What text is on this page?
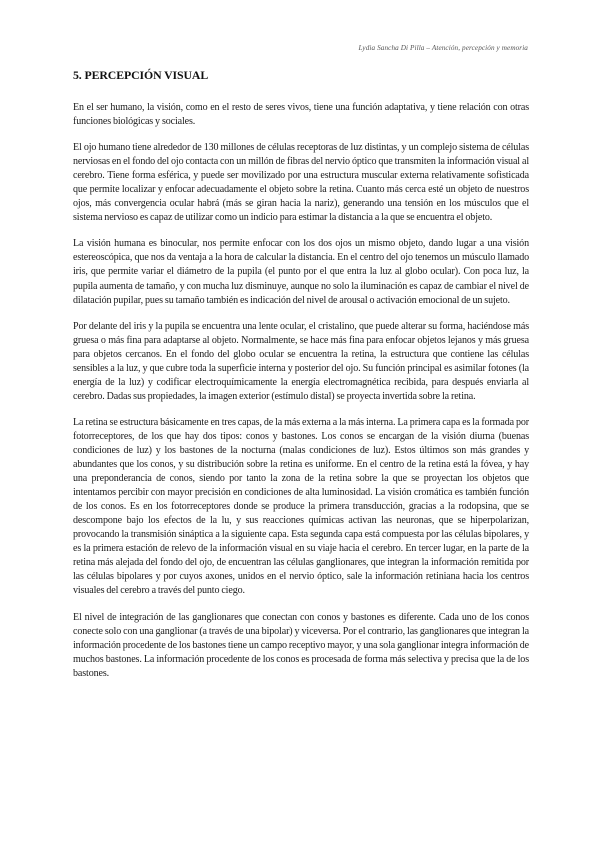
Lydia Sancha Di Pilla – Atención, percepción y memoria
5. PERCEPCIÓN VISUAL

En el ser humano, la visión, como en el resto de seres vivos, tiene una función adaptativa, y tiene relación con otras funciones biológicas y sociales.

El ojo humano tiene alrededor de 130 millones de células receptoras de luz distintas, y un complejo sistema de células nerviosas en el fondo del ojo contacta con un millón de fibras del nervio óptico que transmiten la información visual al cerebro. Tiene forma esférica, y puede ser movilizado por una estructura muscular externa relativamente sofisticada que permite localizar y enfocar adecuadamente el objeto sobre la retina. Cuanto más cerca esté un objeto de nuestros ojos, más convergencia ocular habrá (más se giran hacia la nariz), generando una tensión en los músculos que el sistema nervioso es capaz de utilizar como un indicio para estimar la distancia a la que se encuentra el objeto.

La visión humana es binocular, nos permite enfocar con los dos ojos un mismo objeto, dando lugar a una visión estereoscópica, que nos da ventaja a la hora de calcular la distancia. En el centro del ojo tenemos un músculo llamado iris, que permite variar el diámetro de la pupila (el punto por el que entra la luz al globo ocular). Con poca luz, la pupila aumenta de tamaño, y con mucha luz disminuye, aunque no solo la iluminación es capaz de cambiar el nivel de dilatación pupilar, pues su tamaño también es indicación del nivel de arousal o activación emocional de un sujeto.

Por delante del iris y la pupila se encuentra una lente ocular, el cristalino, que puede alterar su forma, haciéndose más gruesa o más fina para adaptarse al objeto. Normalmente, se hace más fina para enfocar objetos lejanos y más gruesa para objetos cercanos. En el fondo del globo ocular se encuentra la retina, la estructura que contiene las células sensibles a la luz, y que cubre toda la superficie interna y posterior del ojo. Su función principal es asimilar fotones (la energía de la luz) y codificar electroquímicamente la energía electromagnética recibida, para después enviarla al cerebro. Dadas sus propiedades, la imagen exterior (estímulo distal) se proyecta invertida sobre la retina.

La retina se estructura básicamente en tres capas, de la más externa a la más interna. La primera capa es la formada por fotorreceptores, de los que hay dos tipos: conos y bastones. Los conos se encargan de la visión diurna (buenas condiciones de luz) y los bastones de la nocturna (malas condiciones de luz). Estos últimos son más grandes y abundantes que los conos, y su distribución sobre la retina es uniforme. En el centro de la retina está la fóvea, y hay una preponderancia de conos, siendo por tanto la zona de la retina sobre la que se proyectan los objetos que intentamos percibir con mayor precisión en condiciones de alta luminosidad. La visión cromática es también función de los conos. Es en los fotorreceptores donde se produce la primera transducción, gracias a la rodopsina, que se descompone bajo los efectos de la lu, y sus reacciones químicas activan las neuronas, que se hiperpolarizan, provocando la transmisión sináptica a la siguiente capa. Esta segunda capa está compuesta por las células bipolares, y es la primera estación de relevo de la información visual en su viaje hacia el cerebro. En tercer lugar, en la parte de la retina más alejada del fondo del ojo, de encuentran las células ganglionares, que integran la información remitida por las células bipolares y por cuyos axones, unidos en el nervio óptico, sale la información retiniana hacia los centros visuales del cerebro a través del punto ciego.

El nivel de integración de las ganglionares que conectan con conos y bastones es diferente. Cada uno de los conos conecte solo con una ganglionar (a través de una bipolar) y viceversa. Por el contrario, las ganglionares que integran la información procedente de los bastones tiene un campo receptivo mayor, y una sola ganglionar integra información de muchos bastones. La información procedente de los conos es procesada de forma más selectiva y precisa que la de los bastones.
